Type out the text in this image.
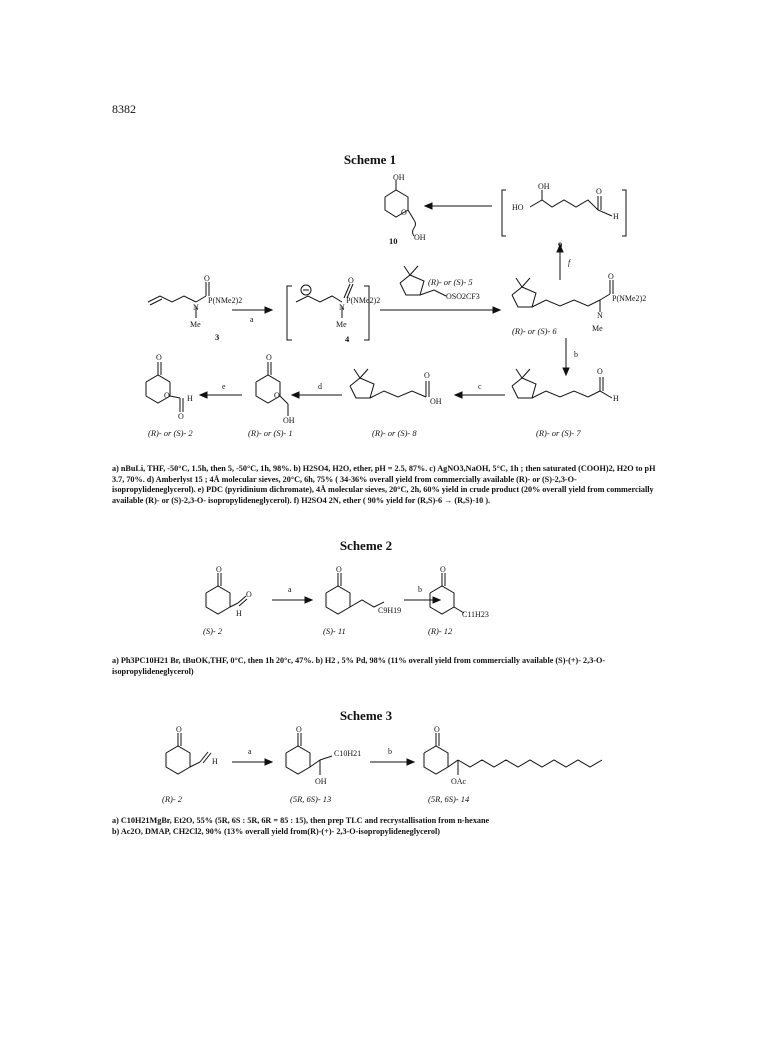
8382
Scheme 1
OH
O
OH
10
HO
OH
O
H
9
f
O
P(NMe2)2
N
Me
3
a
O
P(NMe2)2
N
Me
4
(R)- or (S)- 5
OSO2CF3
O
P(NMe2)2
N
Me
(R)- or (S)- 6
b
O
H
(R)- or (S)- 7
c
O
OH
(R)- or (S)- 8
d
O
O
OH
(R)- or (S)- 1
e
O
O H
O
(R)- or (S)- 2
a) nBuLi, THF, -50°C, 1.5h, then 5, -50°C, 1h, 98%. b) H2SO4, H2O, ether, pH = 2.5, 87%. c) AgNO3,NaOH, 5°C, 1h ; then saturated (COOH)2, H2O to pH 3.7, 70%. d) Amberlyst 15 ; 4Å molecular sieves, 20°C, 6h, 75% ( 34-36% overall yield from commercially available (R)- or (S)-2,3-O- isopropylideneglycerol). e) PDC (pyridinium dichromate), 4Å molecular sieves, 20°C, 2h, 60% yield in crude product (20% overall yield from commercially available (R)- or (S)-2,3-O- isopropylideneglycerol). f) H2SO4 2N, ether ( 90% yield for (R,S)-6 → (R,S)-10 ).
Scheme 2
O
O
H
(S)- 2
a
O
C9H19
(S)- 11
b
O
C11H23
(R)- 12
a) Ph3PC10H21 Br, tBuOK,THF, 0°C, then 1h 20°c, 47%. b) H2 , 5% Pd, 98% (11% overall yield from commercially available (S)-(+)- 2,3-O-isopropylideneglycerol)
Scheme 3
O
H
(R)- 2
a
O
C10H21
OH
(5R, 6S)- 13
b
O
OAc
(5R, 6S)- 14
a) C10H21MgBr, Et2O, 55% (5R, 6S : 5R, 6R = 85 : 15), then prep TLC and recrystallisation from n-hexane
b) Ac2O, DMAP, CH2Cl2, 90% (13% overall yield from(R)-(+)- 2,3-O-isopropylideneglycerol)
